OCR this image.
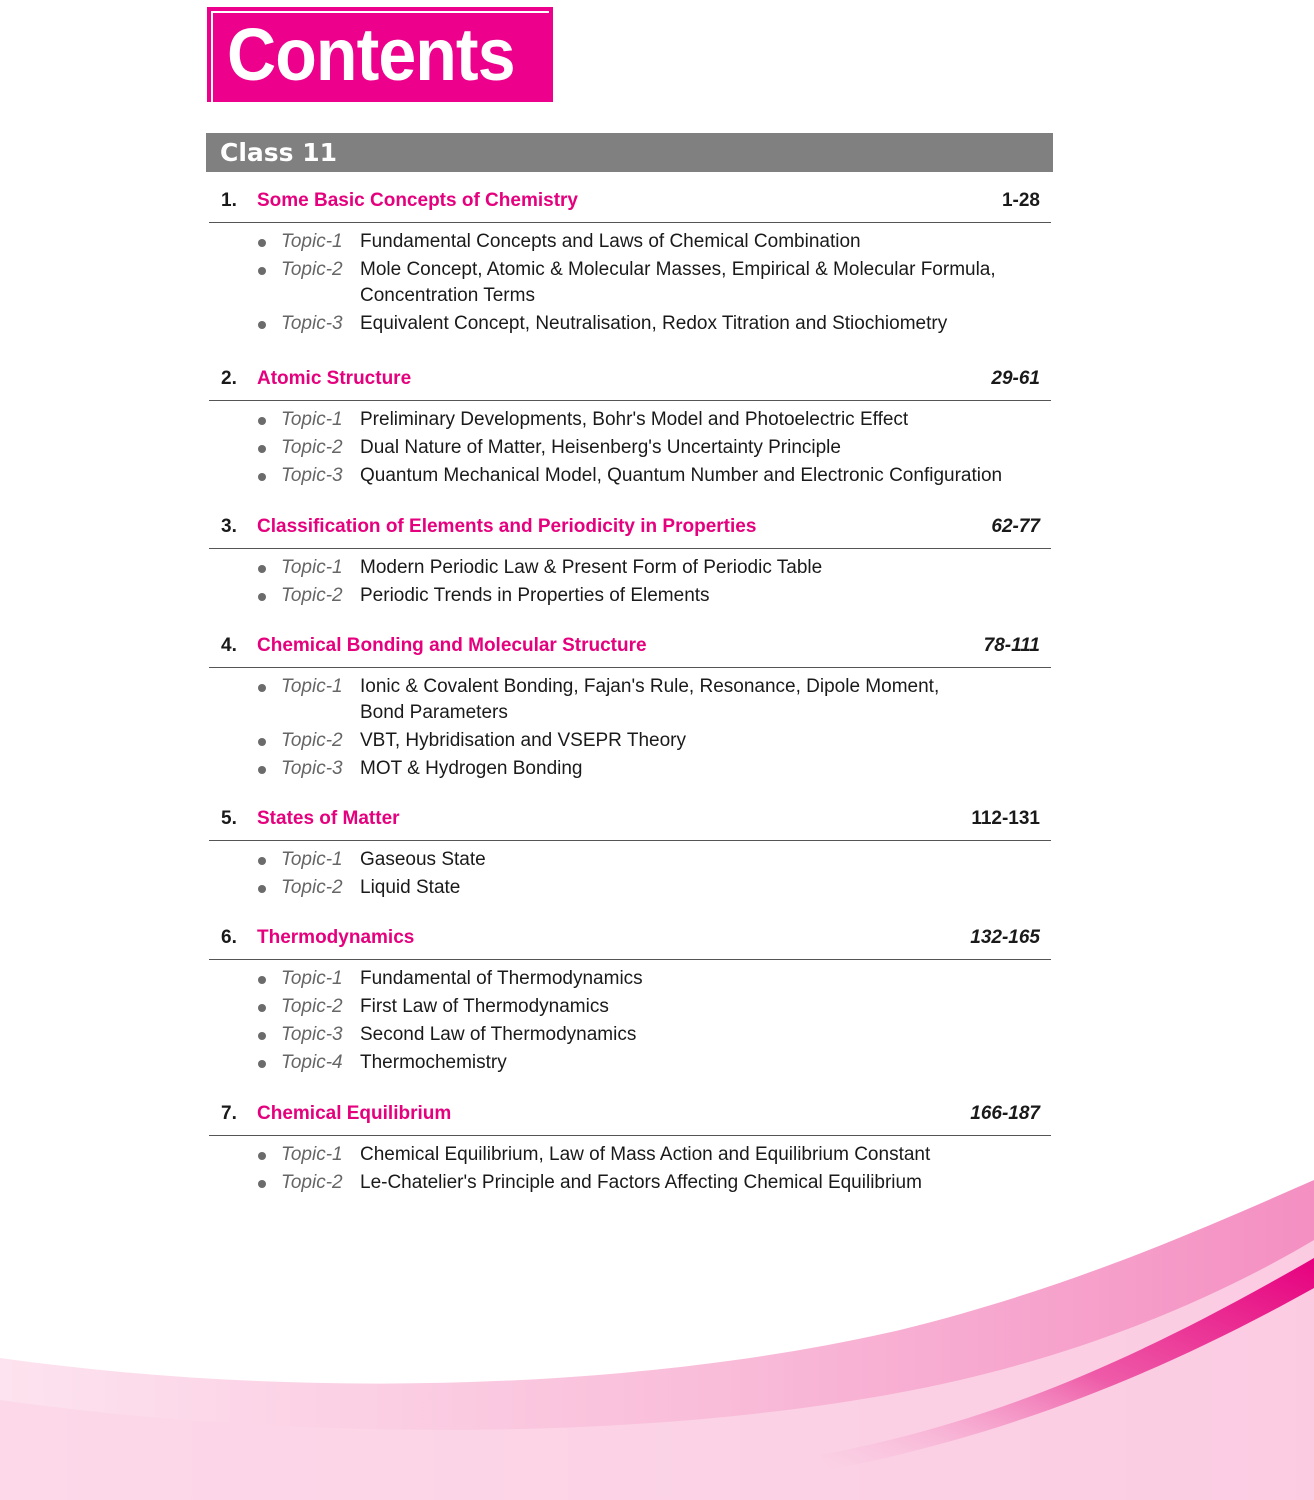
Contents
Class 11
1. Some Basic Concepts of Chemistry	1-28
Topic-1 Fundamental Concepts and Laws of Chemical Combination
Topic-2 Mole Concept, Atomic & Molecular Masses, Empirical & Molecular Formula, Concentration Terms
Topic-3 Equivalent Concept, Neutralisation, Redox Titration and Stiochiometry
2. Atomic Structure	29-61
Topic-1 Preliminary Developments, Bohr's Model and Photoelectric Effect
Topic-2 Dual Nature of Matter, Heisenberg's Uncertainty Principle
Topic-3 Quantum Mechanical Model, Quantum Number and Electronic Configuration
3. Classification of Elements and Periodicity in Properties	62-77
Topic-1 Modern Periodic Law & Present Form of Periodic Table
Topic-2 Periodic Trends in Properties of Elements
4. Chemical Bonding and Molecular Structure	78-111
Topic-1 Ionic & Covalent Bonding, Fajan's Rule, Resonance, Dipole Moment, Bond Parameters
Topic-2 VBT, Hybridisation and VSEPR Theory
Topic-3 MOT & Hydrogen Bonding
5. States of Matter	112-131
Topic-1 Gaseous State
Topic-2 Liquid State
6. Thermodynamics	132-165
Topic-1 Fundamental of Thermodynamics
Topic-2 First Law of Thermodynamics
Topic-3 Second Law of Thermodynamics
Topic-4 Thermochemistry
7. Chemical Equilibrium	166-187
Topic-1 Chemical Equilibrium, Law of Mass Action and Equilibrium Constant
Topic-2 Le-Chatelier's Principle and Factors Affecting Chemical Equilibrium
